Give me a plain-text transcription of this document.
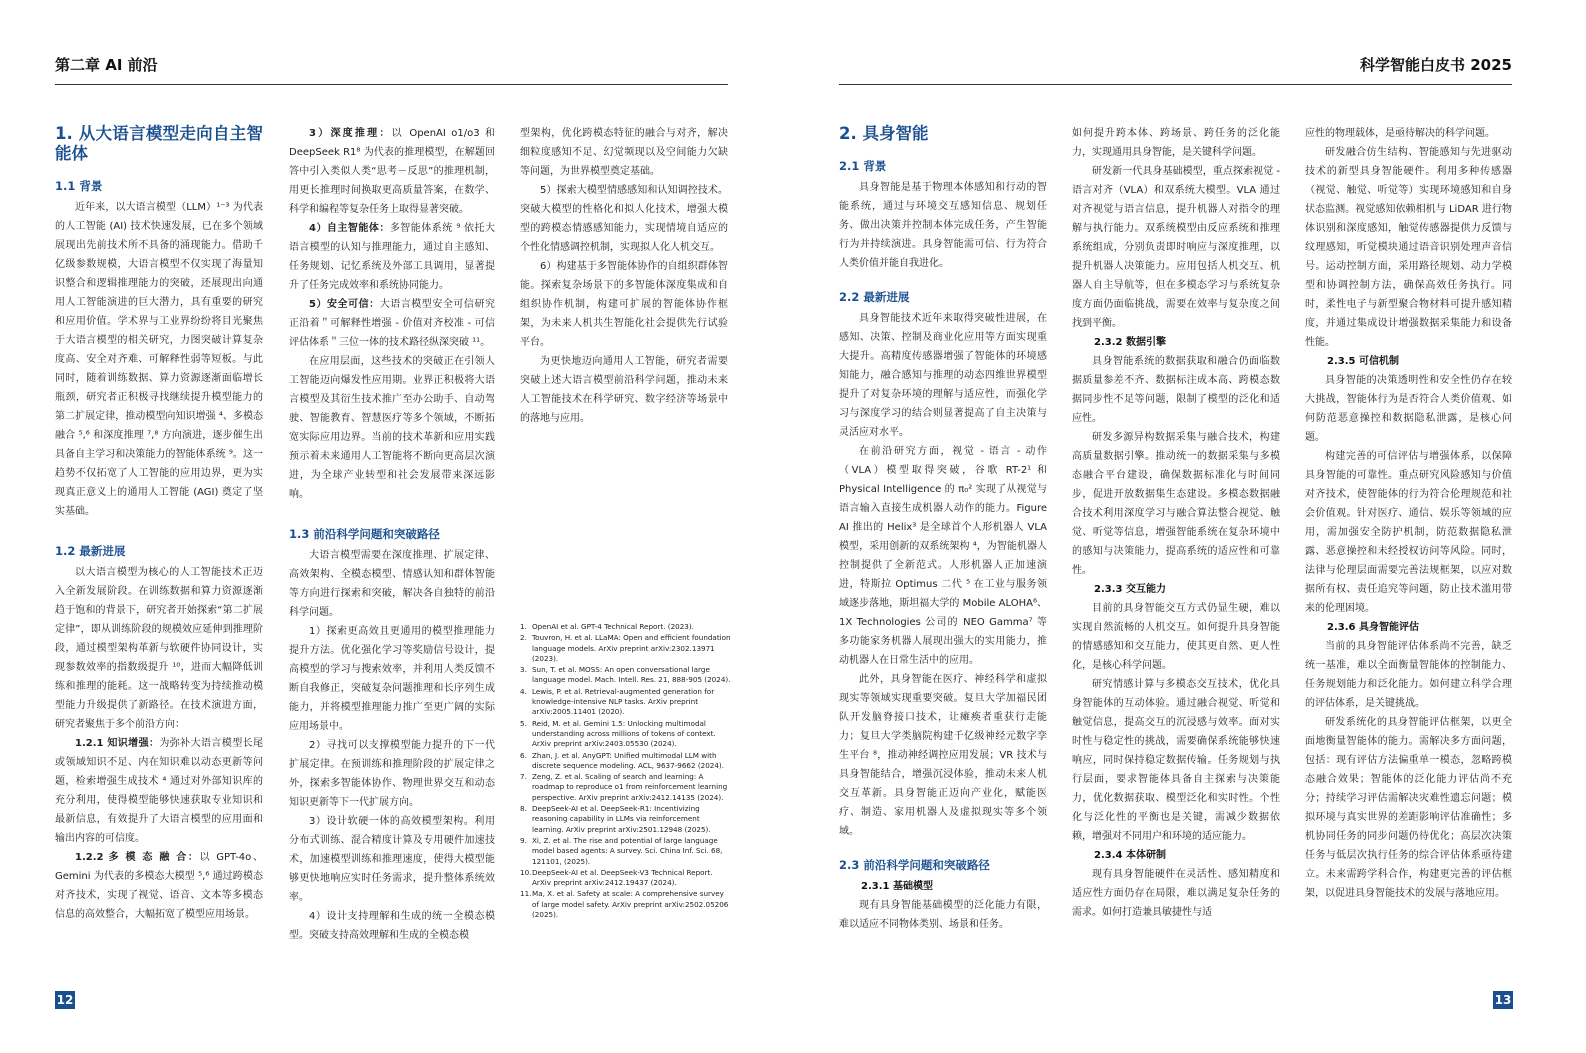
第二章 AI 前沿
1. 从大语言模型走向自主智能体
1.1 背景

近年来，以大语言模型（LLM）¹⁻³ 为代表的人工智能 (AI) 技术快速发展，已在多个领域展现出先前技术所不具备的涌现能力。借助千亿级参数规模，大语言模型不仅实现了海量知识整合和逻辑推理能力的突破，还展现出向通用人工智能演进的巨大潜力，具有重要的研究和应用价值。学术界与工业界纷纷将目光聚焦于大语言模型的相关研究，力图突破计算复杂度高、安全对齐难、可解释性弱等短板。与此同时，随着训练数据、算力资源逐渐面临增长瓶颈，研究者正积极寻找继续提升模型能力的第二扩展定律，推动模型向知识增强 ⁴、多模态融合 ⁵,⁶ 和深度推理 ⁷,⁸ 方向演进，逐步催生出具备自主学习和决策能力的智能体系统 ⁹。这一趋势不仅拓宽了人工智能的应用边界，更为实现真正意义上的通用人工智能 (AGI) 奠定了坚实基础。

1.2 最新进展

以大语言模型为核心的人工智能技术正迈入全新发展阶段。在训练数据和算力资源逐渐趋于饱和的背景下，研究者开始探索“第二扩展定律”，即从训练阶段的规模效应延伸到推理阶段，通过模型架构革新与软硬件协同设计，实现参数效率的指数级提升 ¹⁰，进而大幅降低训练和推理的能耗。这一战略转变为持续推动模型能力升级提供了新路径。在技术演进方面，研究者聚焦于多个前沿方向：

1.2.1 知识增强：为弥补大语言模型长尾或领域知识不足、内在知识难以动态更新等问题，检索增强生成技术 ⁴ 通过对外部知识库的充分利用，使得模型能够快速获取专业知识和最新信息，有效提升了大语言模型的应用面和输出内容的可信度。

1.2.2 多 模 态 融 合：以 GPT-4o、Gemini 为代表的多模态大模型 ⁵,⁶ 通过跨模态对齐技术，实现了视觉、语音、文本等多模态信息的高效整合，大幅拓宽了模型应用场景。

3）深度推理：以 OpenAI o1/o3 和 DeepSeek R1⁸ 为代表的推理模型，在解题回答中引入类似人类“思考－反思”的推理机制，用更长推理时间换取更高质量答案，在数学、科学和编程等复杂任务上取得显著突破。

4）自主智能体：多智能体系统 ⁹ 依托大语言模型的认知与推理能力，通过自主感知、任务规划、记忆系统及外部工具调用，显著提升了任务完成效率和系统协同能力。

5）安全可信：大语言模型安全可信研究正沿着＂可解释性增强 - 价值对齐校准 - 可信评估体系＂三位一体的技术路径纵深突破 ¹¹。

在应用层面，这些技术的突破正在引领人工智能迈向爆发性应用期。业界正积极将大语言模型及其衍生技术推广至办公助手、自动驾驶、智能教育、智慧医疗等多个领域，不断拓宽实际应用边界。当前的技术革新和应用实践预示着未来通用人工智能将不断向更高层次演进，为全球产业转型和社会发展带来深远影响。

1.3 前沿科学问题和突破路径

大语言模型需要在深度推理、扩展定律、高效架构、全模态模型、情感认知和群体智能等方向进行探索和突破，解决各自独特的前沿科学问题。

1）探索更高效且更通用的模型推理能力提升方法。优化强化学习等奖励信号设计，提高模型的学习与搜索效率，并利用人类反馈不断自我修正，突破复杂问题推理和长序列生成能力，并将模型推理能力推广至更广阔的实际应用场景中。

2）寻找可以支撑模型能力提升的下一代扩展定律。在预训练和推理阶段的扩展定律之外，探索多智能体协作、物理世界交互和动态知识更新等下一代扩展方向。

3）设计软硬一体的高效模型架构。利用分布式训练、混合精度计算及专用硬件加速技术，加速模型训练和推理速度，使得大模型能够更快地响应实时任务需求，提升整体系统效率。

4）设计支持理解和生成的统一全模态模型。突破支持高效理解和生成的全模态模

型架构，优化跨模态特征的融合与对齐，解决细粒度感知不足、幻觉频现以及空间能力欠缺等问题，为世界模型奠定基础。

5）探索大模型情感感知和认知调控技术。突破大模型的性格化和拟人化技术，增强大模型的跨模态情感感知能力，实现情境自适应的个性化情感调控机制，实现拟人化人机交互。

6）构建基于多智能体协作的自组织群体智能。探索复杂场景下的多智能体深度集成和自组织协作机制，构建可扩展的智能体协作框架，为未来人机共生智能化社会提供先行试验平台。

为更快地迈向通用人工智能，研究者需要突破上述大语言模型前沿科学问题，推动未来人工智能技术在科学研究、数字经济等场景中的落地与应用。

1. OpenAI et al. GPT-4 Technical Report. (2023).
2. Touvron, H. et al. LLaMA: Open and efficient foundation language models. ArXiv preprint arXiv:2302.13971 (2023).
3. Sun, T. et al. MOSS: An open conversational large language model. Mach. Intell. Res. 21, 888-905 (2024).
4. Lewis, P. et al. Retrieval-augmented generation for knowledge-intensive NLP tasks. ArXiv preprint arXiv:2005.11401 (2020).
5. Reid, M. et al. Gemini 1.5: Unlocking multimodal understanding across millions of tokens of context. ArXiv preprint arXiv:2403.05530 (2024).
6. Zhan, J. et al. AnyGPT: Unified multimodal LLM with discrete sequence modeling. ACL, 9637-9662 (2024).
7. Zeng, Z. et al. Scaling of search and learning: A roadmap to reproduce o1 from reinforcement learning perspective. ArXiv preprint arXiv:2412.14135 (2024).
8. DeepSeek-AI et al. DeepSeek-R1: Incentivizing reasoning capability in LLMs via reinforcement learning. ArXiv preprint arXiv:2501.12948 (2025).
9. Xi, Z. et al. The rise and potential of large language model based agents: A survey. Sci. China Inf. Sci. 68, 121101, (2025).
10. DeepSeek-AI et al. DeepSeek-V3 Technical Report. ArXiv preprint arXiv:2412.19437 (2024).
11. Ma, X. et al. Safety at scale: A comprehensive survey of large model safety. ArXiv preprint arXiv:2502.05206 (2025).
12
科学智能白皮书 2025
2. 具身智能
2.1 背景

具身智能是基于物理本体感知和行动的智能系统，通过与环境交互感知信息、规划任务、做出决策并控制本体完成任务，产生智能行为并持续演进。具身智能需可信、行为符合人类价值并能自我进化。

2.2 最新进展

具身智能技术近年来取得突破性进展，在感知、决策、控制及商业化应用等方面实现重大提升。高精度传感器增强了智能体的环境感知能力，融合感知与推理的动态四维世界模型提升了对复杂环境的理解与适应性，而强化学习与深度学习的结合则显著提高了自主决策与灵活应对水平。

在前沿研究方面，视觉 - 语言 - 动作（VLA）模型取得突破，谷歌 RT-2¹ 和 Physical Intelligence 的 π₀² 实现了从视觉与语言输入直接生成机器人动作的能力。Figure AI 推出的 Helix³ 是全球首个人形机器人 VLA 模型，采用创新的双系统架构 ⁴，为智能机器人控制提供了全新范式。人形机器人正加速演进，特斯拉 Optimus 二代 ⁵ 在工业与服务领域逐步落地，斯坦福大学的 Mobile ALOHA⁶、1X Technologies 公司的 NEO Gamma⁷ 等多功能家务机器人展现出强大的实用能力，推动机器人在日常生活中的应用。

此外，具身智能在医疗、神经科学和虚拟现实等领域实现重要突破。复旦大学加福民团队开发脑脊接口技术，让瘫痪者重获行走能力；复旦大学类脑院构建千亿级神经元数字孪生平台 ⁸，推动神经调控应用发展；VR 技术与具身智能结合，增强沉浸体验，推动未来人机交互革新。具身智能正迈向产业化，赋能医疗、制造、家用机器人及虚拟现实等多个领域。

2.3 前沿科学问题和突破路径
2.3.1 基础模型

现有具身智能基础模型的泛化能力有限，难以适应不同物体类别、场景和任务。

如何提升跨本体、跨场景、跨任务的泛化能力，实现通用具身智能，是关键科学问题。

研发新一代具身基础模型，重点探索视觉 - 语言对齐（VLA）和双系统大模型。VLA 通过对齐视觉与语言信息，提升机器人对指令的理解与执行能力。双系统模型由反应系统和推理系统组成，分别负责即时响应与深度推理，以提升机器人决策能力。应用包括人机交互、机器人自主导航等，但在多模态学习与系统复杂度方面仍面临挑战，需要在效率与复杂度之间找到平衡。

2.3.2 数据引擎

具身智能系统的数据获取和融合仍面临数据质量参差不齐、数据标注成本高、跨模态数据同步性不足等问题，限制了模型的泛化和适应性。

研发多源异构数据采集与融合技术，构建高质量数据引擎。推动统一的数据采集与多模态融合平台建设，确保数据标准化与时间同步，促进开放数据集生态建设。多模态数据融合技术利用深度学习与融合算法整合视觉、触觉、听觉等信息，增强智能系统在复杂环境中的感知与决策能力，提高系统的适应性和可靠性。

2.3.3 交互能力

目前的具身智能交互方式仍显生硬，难以实现自然流畅的人机交互。如何提升具身智能的情感感知和交互能力，使其更自然、更人性化，是核心科学问题。

研究情感计算与多模态交互技术，优化具身智能体的互动体验。通过融合视觉、听觉和触觉信息，提高交互的沉浸感与效率。面对实时性与稳定性的挑战，需要确保系统能够快速响应，同时保持稳定数据传输。任务规划与执行层面，要求智能体具备自主探索与决策能力，优化数据获取、模型泛化和实时性。个性化与泛化性的平衡也是关键，需减少数据依赖，增强对不同用户和环境的适应能力。

2.3.4 本体研制

现有具身智能硬件在灵活性、感知精度和适应性方面仍存在局限，难以满足复杂任务的需求。如何打造兼具敏捷性与适

应性的物理载体，是亟待解决的科学问题。

研发融合仿生结构、智能感知与先进驱动技术的新型具身智能硬件。利用多种传感器（视觉、触觉、听觉等）实现环境感知和自身状态监测。视觉感知依赖相机与 LiDAR 进行物体识别和深度感知，触觉传感器提供力反馈与纹理感知，听觉模块通过语音识别处理声音信号。运动控制方面，采用路径规划、动力学模型和协调控制方法，确保高效任务执行。同时，柔性电子与新型聚合物材料可提升感知精度，并通过集成设计增强数据采集能力和设备性能。

2.3.5 可信机制

具身智能的决策透明性和安全性仍存在较大挑战，智能体行为是否符合人类价值观、如何防范恶意操控和数据隐私泄露，是核心问题。

构建完善的可信评估与增强体系，以保障具身智能的可靠性。重点研究风险感知与价值对齐技术，使智能体的行为符合伦理规范和社会价值观。针对医疗、通信、娱乐等领域的应用，需加强安全防护机制，防范数据隐私泄露、恶意操控和未经授权访问等风险。同时，法律与伦理层面需要完善法规框架，以应对数据所有权、责任追究等问题，防止技术滥用带来的伦理困境。

2.3.6 具身智能评估

当前的具身智能评估体系尚不完善，缺乏统一基准，难以全面衡量智能体的控制能力、任务规划能力和泛化能力。如何建立科学合理的评估体系，是关键挑战。

研发系统化的具身智能评估框架，以更全面地衡量智能体的能力。需解决多方面问题，包括：现有评估方法偏重单一模态，忽略跨模态融合效果；智能体的泛化能力评估尚不充分；持续学习评估需解决灾难性遗忘问题；模拟环境与真实世界的差距影响评估准确性；多机协同任务的同步问题仍待优化；高层次决策任务与低层次执行任务的综合评估体系亟待建立。未来需跨学科合作，构建更完善的评估框架，以促进具身智能技术的发展与落地应用。

13
